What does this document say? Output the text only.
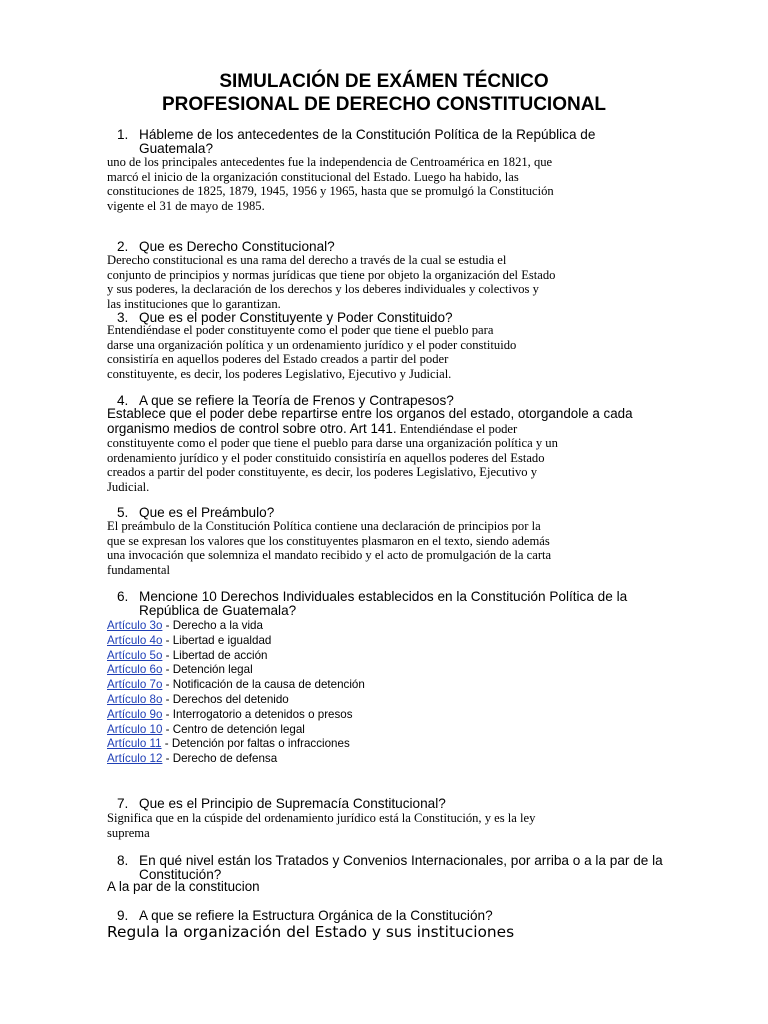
SIMULACIÓN DE EXÁMEN TÉCNICO
PROFESIONAL DE DERECHO CONSTITUCIONAL
1. Hábleme de los antecedentes de la Constitución Política de la República de Guatemala?
uno de los principales antecedentes fue la independencia de Centroamérica en 1821, que
marcó el inicio de la organización constitucional del Estado. Luego ha habido, las
constituciones de 1825, 1879, 1945, 1956 y 1965, hasta que se promulgó la Constitución
vigente el 31 de mayo de 1985.
2. Que es Derecho Constitucional?
Derecho constitucional es una rama del derecho a través de la cual se estudia el
conjunto de principios y normas jurídicas que tiene por objeto la organización del Estado
y sus poderes, la declaración de los derechos y los deberes individuales y colectivos y
las instituciones que lo garantizan.
3. Que es el poder Constituyente y Poder Constituido?
Entendiéndase el poder constituyente como el poder que tiene el pueblo para
darse una organización política y un ordenamiento jurídico y el poder constituido
consistiría en aquellos poderes del Estado creados a partir del poder
constituyente, es decir, los poderes Legislativo, Ejecutivo y Judicial.
4. A que se refiere la Teoría de Frenos y Contrapesos?
Establece que el poder debe repartirse entre los organos del estado, otorgandole a cada organismo medios de control sobre otro. Art 141. Entendiéndase el poder
constituyente como el poder que tiene el pueblo para darse una organización política y un
ordenamiento jurídico y el poder constituido consistiría en aquellos poderes del Estado
creados a partir del poder constituyente, es decir, los poderes Legislativo, Ejecutivo y
Judicial.
5. Que es el Preámbulo?
El preámbulo de la Constitución Política contiene una declaración de principios por la
que se expresan los valores que los constituyentes plasmaron en el texto, siendo además
una invocación que solemniza el mandato recibido y el acto de promulgación de la carta
fundamental
6. Mencione 10 Derechos Individuales establecidos en la Constitución Política de la República de Guatemala?
Artículo 3o - Derecho a la vida
Artículo 4o - Libertad e igualdad
Artículo 5o - Libertad de acción
Artículo 6o - Detención legal
Artículo 7o - Notificación de la causa de detención
Artículo 8o - Derechos del detenido
Artículo 9o - Interrogatorio a detenidos o presos
Artículo 10 - Centro de detención legal
Artículo 11 - Detención por faltas o infracciones
Artículo 12 - Derecho de defensa
7. Que es el Principio de Supremacía Constitucional?
Significa que en la cúspide del ordenamiento jurídico está la Constitución, y es la ley
suprema
8. En qué nivel están los Tratados y Convenios Internacionales, por arriba o a la par de la Constitución?
A la par de la constitucion
9. A que se refiere la Estructura Orgánica de la Constitución?
Regula la organización del Estado y sus instituciones
